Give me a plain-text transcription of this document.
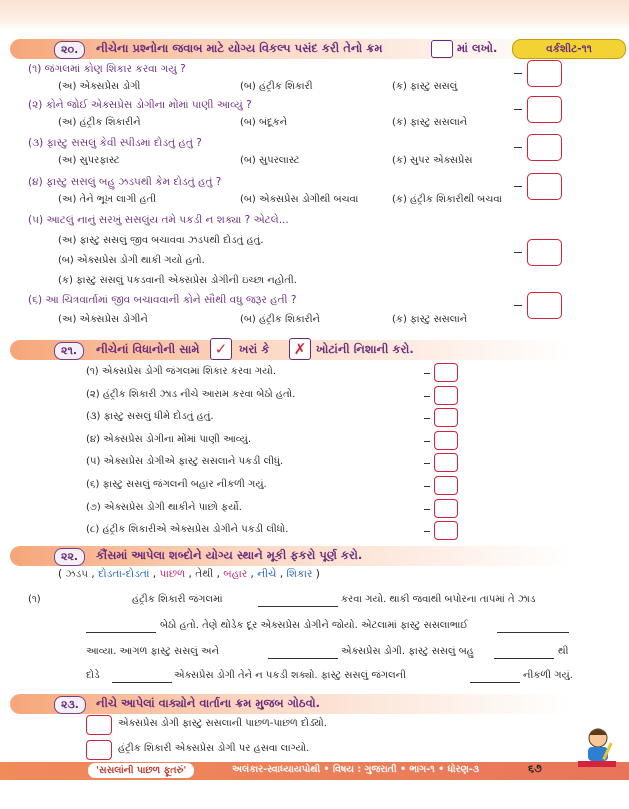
૨૦.	નીચેના પ્રશ્નોના જવાબ માટે યોગ્ય વિકલ્પ પસંદ કરી તેનો ક્રમ	માં લખો.	વર્કશીટ-૧૧
(૧) જંગલમાં કોણ શિકાર કરવા ગયું ?
(અ) એક્સપ્રેસ ડોગી	(બ) હંટ્રીક શિકારી	(ક) ફાસ્ટુ સસલું
(૨) કોને જોઈ એક્સપ્રેસ ડોગીના મોંમાં પાણી આવ્યું ?
(અ) હંટ્રીક શિકારીને	(બ) બંદૂકને	(ક) ફાસ્ટુ સસલાને
(૩) ફાસ્ટુ સસલું કેવી સ્પીડમાં દોડતું હતું ?
(અ) સુપરફાસ્ટ	(બ) સુપરલાસ્ટ	(ક) સુપર એક્સપ્રેસ
(૪) ફાસ્ટુ સસલું બહુ ઝડપથી કેમ દોડતું હતું ?
(અ) તેને ભૂખ લાગી હતી	(બ) એક્સપ્રેસ ડોગીથી બચવા	(ક) હંટ્રીક શિકારીથી બચવા
(૫) આટલું નાનું સરખું સસલુંય તમે પકડી ન શક્યા ? એટલે...
(અ) ફાસ્ટુ સસલું જીવ બચાવવા ઝડપથી દોડતું હતું.
(બ) એક્સપ્રેસ ડોગી થાકી ગયો હતો.
(ક) ફાસ્ટુ સસલું પકડવાની એક્સપ્રેસ ડોગીની ઇચ્છા નહોતી.
(૬) આ ચિત્રવાર્તામાં જીવ બચાવવાની કોને સૌથી વધુ જરૂર હતી ?
(અ) એક્સપ્રેસ ડોગીને	(બ) હંટ્રીક શિકારીને	(ક) ફાસ્ટુ સસલાને
૨૧.	નીચેનાં વિધાનોની સામે	✓	ખરાં કે	✗ ખોટાંની નિશાની કરો.
(૧) એક્સપ્રેસ ડોગી જંગલમાં શિકાર કરવા ગયો.
(૨) હંટ્રીક શિકારી ઝાડ નીચે આરામ કરવા બેઠો હતો.
(૩) ફાસ્ટુ સસલું ધીમે દોડતું હતું.
(૪) એક્સપ્રેસ ડોગીના મોંમાં પાણી આવ્યું.
(૫) એક્સપ્રેસ ડોગીએ ફાસ્ટુ સસલાને પકડી લીધું.
(૬) ફાસ્ટુ સસલું જંગલની બહાર નીકળી ગયું.
(૭) એક્સપ્રેસ ડોગી થાકીને પાછો ફર્યો.
(૮) હંટ્રીક શિકારીએ એક્સપ્રેસ ડોગીને પકડી લીધો.
૨૨.	કૌંસમાં આપેલા શબ્દોને યોગ્ય સ્થાને મૂકી ફકરો પૂર્ણ કરો.
( ઝડપ , દોડતાં-દોડતાં , પાછળ , તેથી , બહાર , નીચે , શિકાર )
(૧)	હંટ્રીક શિકારી જંગલમાં	કરવા ગયો. થાકી જવાથી બપોરના તાપમાં તે ઝાડ
બેઠો હતો. તેણે થોડેક દૂર એક્સપ્રેસ ડોગીને જોયો. એટલામાં ફાસ્ટુ સસલાભાઈ
આવ્યા. આગળ ફાસ્ટુ સસલું અને	એક્સપ્રેસ ડોગી. ફાસ્ટુ સસલું બહુ	થી
દોડે	એક્સપ્રેસ ડોગી તેને ન પકડી શક્યો. ફાસ્ટુ સસલું જંગલની	નીકળી ગયું.
૨૩.	નીચે આપેલાં વાક્યોને વાર્તાના ક્રમ મુજબ ગોઠવો.
એક્સપ્રેસ ડોગી ફાસ્ટુ સસલાની પાછળ-પાછળ દોડ્યો.
હંટ્રીક શિકારી એક્સપ્રેસ ડોગી પર હસવા લાગ્યો.
'સસલાંની પાછળ ફૂતરું'	અલંકાર-સ્વાધ્યાયપોથી • વિષય : ગુજરાતી • ભાગ-૧ • ધોરણ-૩	૬૭
